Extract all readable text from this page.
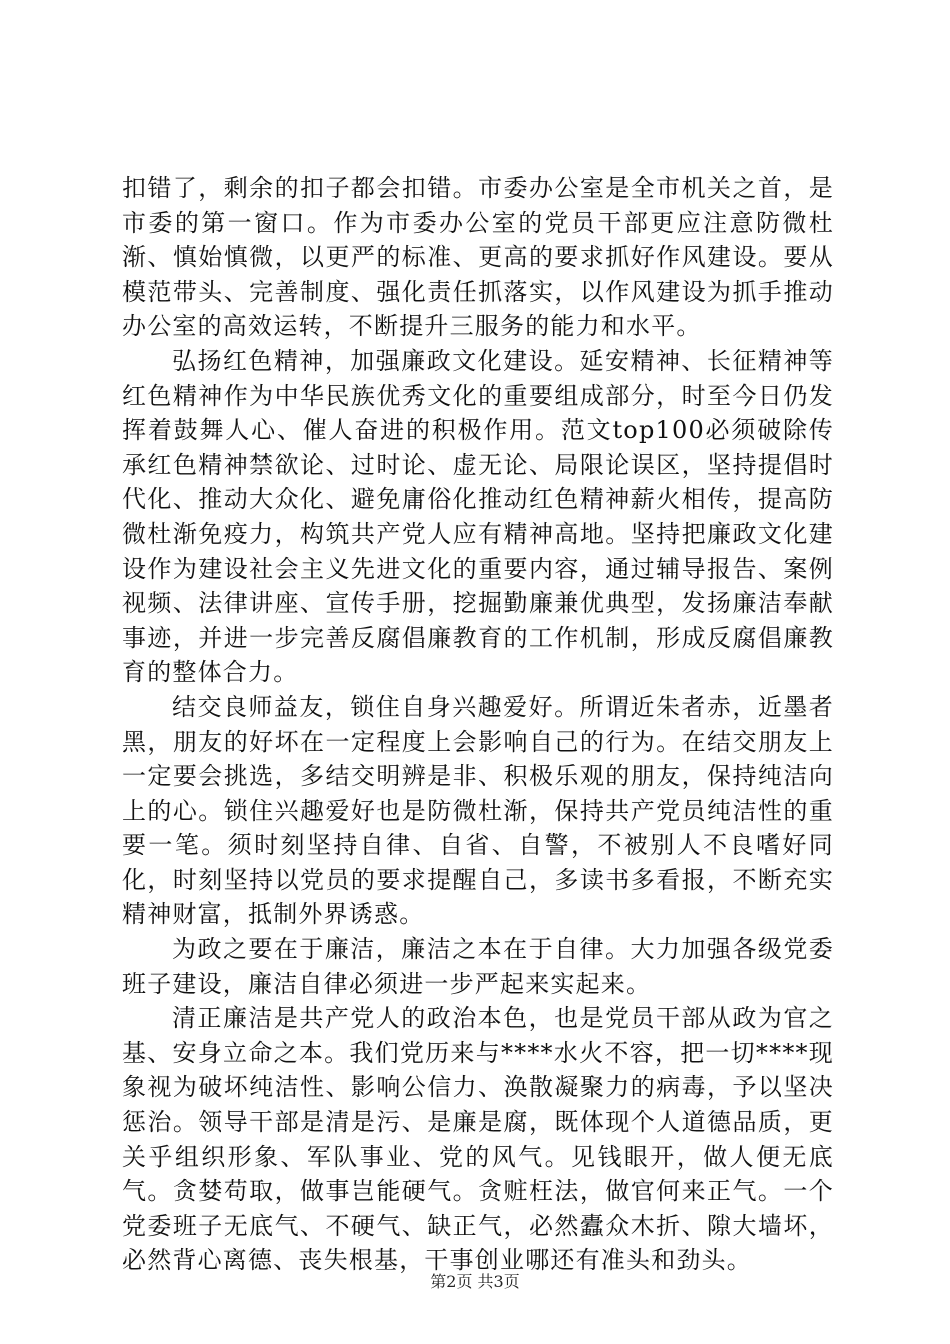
扣错了，剩余的扣子都会扣错。市委办公室是全市机关之首，是市委的第一窗口。作为市委办公室的党员干部更应注意防微杜渐、慎始慎微，以更严的标准、更高的要求抓好作风建设。要从模范带头、完善制度、强化责任抓落实，以作风建设为抓手推动办公室的高效运转，不断提升三服务的能力和水平。

弘扬红色精神，加强廉政文化建设。延安精神、长征精神等红色精神作为中华民族优秀文化的重要组成部分，时至今日仍发挥着鼓舞人心、催人奋进的积极作用。范文top100必须破除传承红色精神禁欲论、过时论、虚无论、局限论误区，坚持提倡时代化、推动大众化、避免庸俗化推动红色精神薪火相传，提高防微杜渐免疫力，构筑共产党人应有精神高地。坚持把廉政文化建设作为建设社会主义先进文化的重要内容，通过辅导报告、案例视频、法律讲座、宣传手册，挖掘勤廉兼优典型，发扬廉洁奉献事迹，并进一步完善反腐倡廉教育的工作机制，形成反腐倡廉教育的整体合力。

结交良师益友，锁住自身兴趣爱好。所谓近朱者赤，近墨者黑，朋友的好坏在一定程度上会影响自己的行为。在结交朋友上一定要会挑选，多结交明辨是非、积极乐观的朋友，保持纯洁向上的心。锁住兴趣爱好也是防微杜渐，保持共产党员纯洁性的重要一笔。须时刻坚持自律、自省、自警，不被别人不良嗜好同化，时刻坚持以党员的要求提醒自己，多读书多看报，不断充实精神财富，抵制外界诱惑。

为政之要在于廉洁，廉洁之本在于自律。大力加强各级党委班子建设，廉洁自律必须进一步严起来实起来。

清正廉洁是共产党人的政治本色，也是党员干部从政为官之基、安身立命之本。我们党历来与****水火不容，把一切****现象视为破坏纯洁性、影响公信力、涣散凝聚力的病毒，予以坚决惩治。领导干部是清是污、是廉是腐，既体现个人道德品质，更关乎组织形象、军队事业、党的风气。见钱眼开，做人便无底气。贪婪苟取，做事岂能硬气。贪赃枉法，做官何来正气。一个党委班子无底气、不硬气、缺正气，必然蠹众木折、隙大墙坏，必然背心离德、丧失根基，干事创业哪还有准头和劲头。

第2页 共3页
